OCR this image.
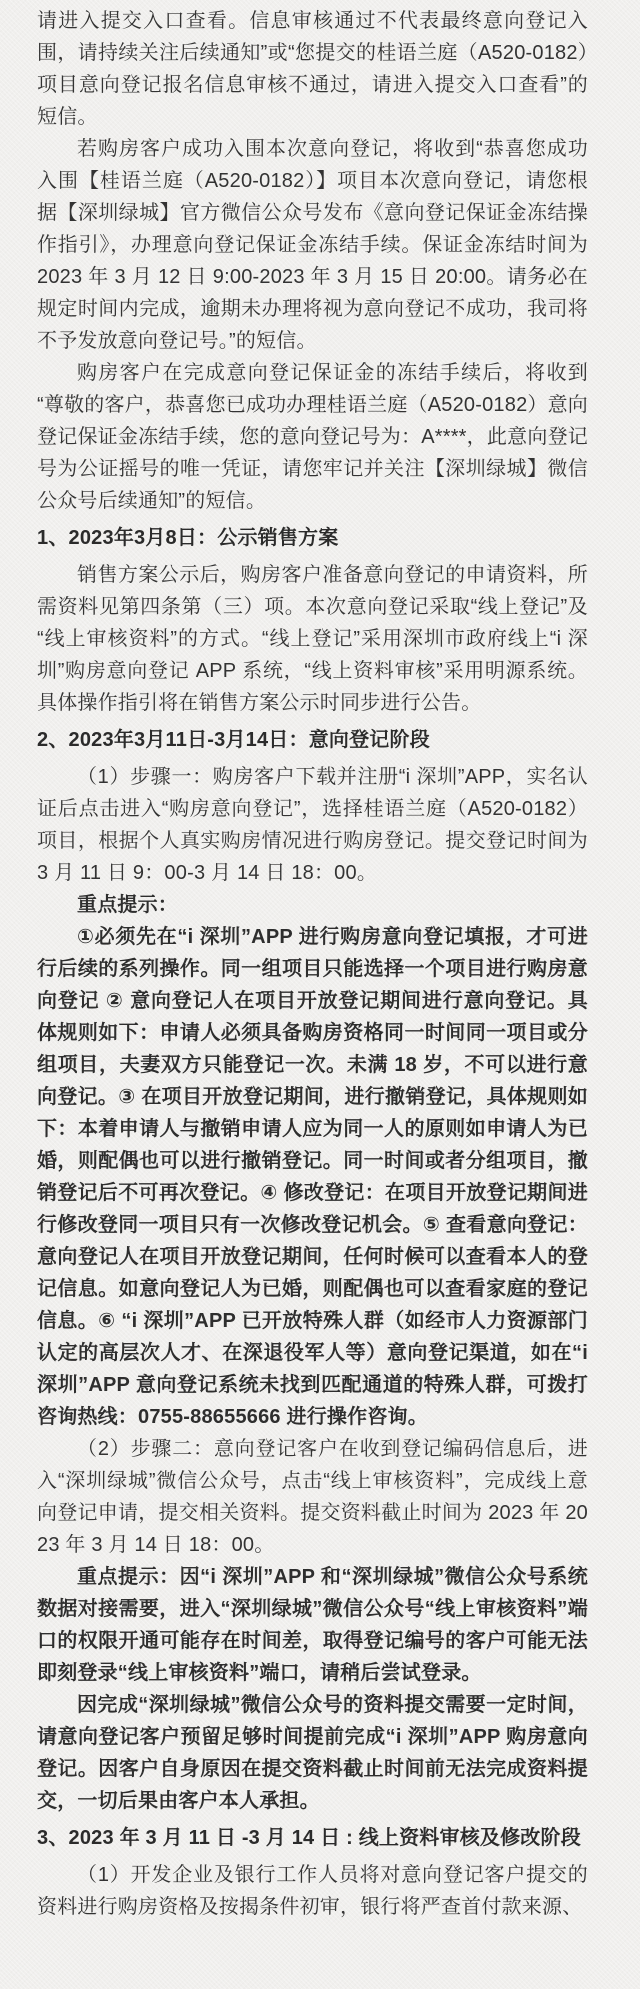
请进入提交入口查看。信息审核通过不代表最终意向登记入围，请持续关注后续通知”或“您提交的桂语兰庭（A520-0182）项目意向登记报名信息审核不通过，请进入提交入口查看”的短信。

若购房客户成功入围本次意向登记，将收到“恭喜您成功入围【桂语兰庭（A520-0182）】项目本次意向登记，请您根据【深圳绿城】官方微信公众号发布《意向登记保证金冻结操作指引》，办理意向登记保证金冻结手续。保证金冻结时间为 2023 年 3 月 12 日 9:00-2023 年 3 月 15 日 20:00。请务必在规定时间内完成，逾期未办理将视为意向登记不成功，我司将不予发放意向登记号。”的短信。

购房客户在完成意向登记保证金的冻结手续后，将收到“尊敬的客户，恭喜您已成功办理桂语兰庭（A520-0182）意向登记保证金冻结手续，您的意向登记号为：A****，此意向登记号为公证摇号的唯一凭证，请您牢记并关注【深圳绿城】微信公众号后续通知”的短信。

1、2023年3月8日：公示销售方案

销售方案公示后，购房客户准备意向登记的申请资料，所需资料见第四条第（三）项。本次意向登记采取“线上登记”及“线上审核资料”的方式。“线上登记”采用深圳市政府线上“i 深圳”购房意向登记 APP 系统，“线上资料审核”采用明源系统。具体操作指引将在销售方案公示时同步进行公告。

2、2023年3月11日-3月14日：意向登记阶段

（1）步骤一：购房客户下载并注册“i 深圳”APP，实名认证后点击进入“购房意向登记”，选择桂语兰庭（A520-0182）项目，根据个人真实购房情况进行购房登记。提交登记时间为 3 月 11 日 9：00-3 月 14 日 18：00。

重点提示：

①必须先在“i 深圳”APP 进行购房意向登记填报，才可进行后续的系列操作。同一组项目只能选择一个项目进行购房意向登记 ② 意向登记人在项目开放登记期间进行意向登记。具体规则如下：申请人必须具备购房资格同一时间同一项目或分组项目，夫妻双方只能登记一次。未满 18 岁，不可以进行意向登记。③ 在项目开放登记期间，进行撤销登记，具体规则如下：本着申请人与撤销申请人应为同一人的原则如申请人为已婚，则配偶也可以进行撤销登记。同一时间或者分组项目，撤销登记后不可再次登记。④ 修改登记：在项目开放登记期间进行修改登同一项目只有一次修改登记机会。⑤ 查看意向登记：意向登记人在项目开放登记期间，任何时候可以查看本人的登记信息。如意向登记人为已婚，则配偶也可以查看家庭的登记信息。⑥ “i 深圳”APP 已开放特殊人群（如经市人力资源部门认定的高层次人才、在深退役军人等）意向登记渠道，如在“i 深圳”APP 意向登记系统未找到匹配通道的特殊人群，可拨打咨询热线：0755-88655666 进行操作咨询。

（2）步骤二：意向登记客户在收到登记编码信息后，进入“深圳绿城”微信公众号，点击“线上审核资料”，完成线上意向登记申请，提交相关资料。提交资料截止时间为 2023 年 2023 年 3 月 14 日 18：00。

重点提示：因“i 深圳”APP 和“深圳绿城”微信公众号系统数据对接需要，进入“深圳绿城”微信公众号“线上审核资料”端口的权限开通可能存在时间差，取得登记编号的客户可能无法即刻登录“线上审核资料”端口，请稍后尝试登录。

因完成“深圳绿城”微信公众号的资料提交需要一定时间，请意向登记客户预留足够时间提前完成“i 深圳”APP 购房意向登记。因客户自身原因在提交资料截止时间前无法完成资料提交，一切后果由客户本人承担。

3、2023 年 3 月 11 日 -3 月 14 日 : 线上资料审核及修改阶段

（1）开发企业及银行工作人员将对意向登记客户提交的资料进行购房资格及按揭条件初审，银行将严查首付款来源、
